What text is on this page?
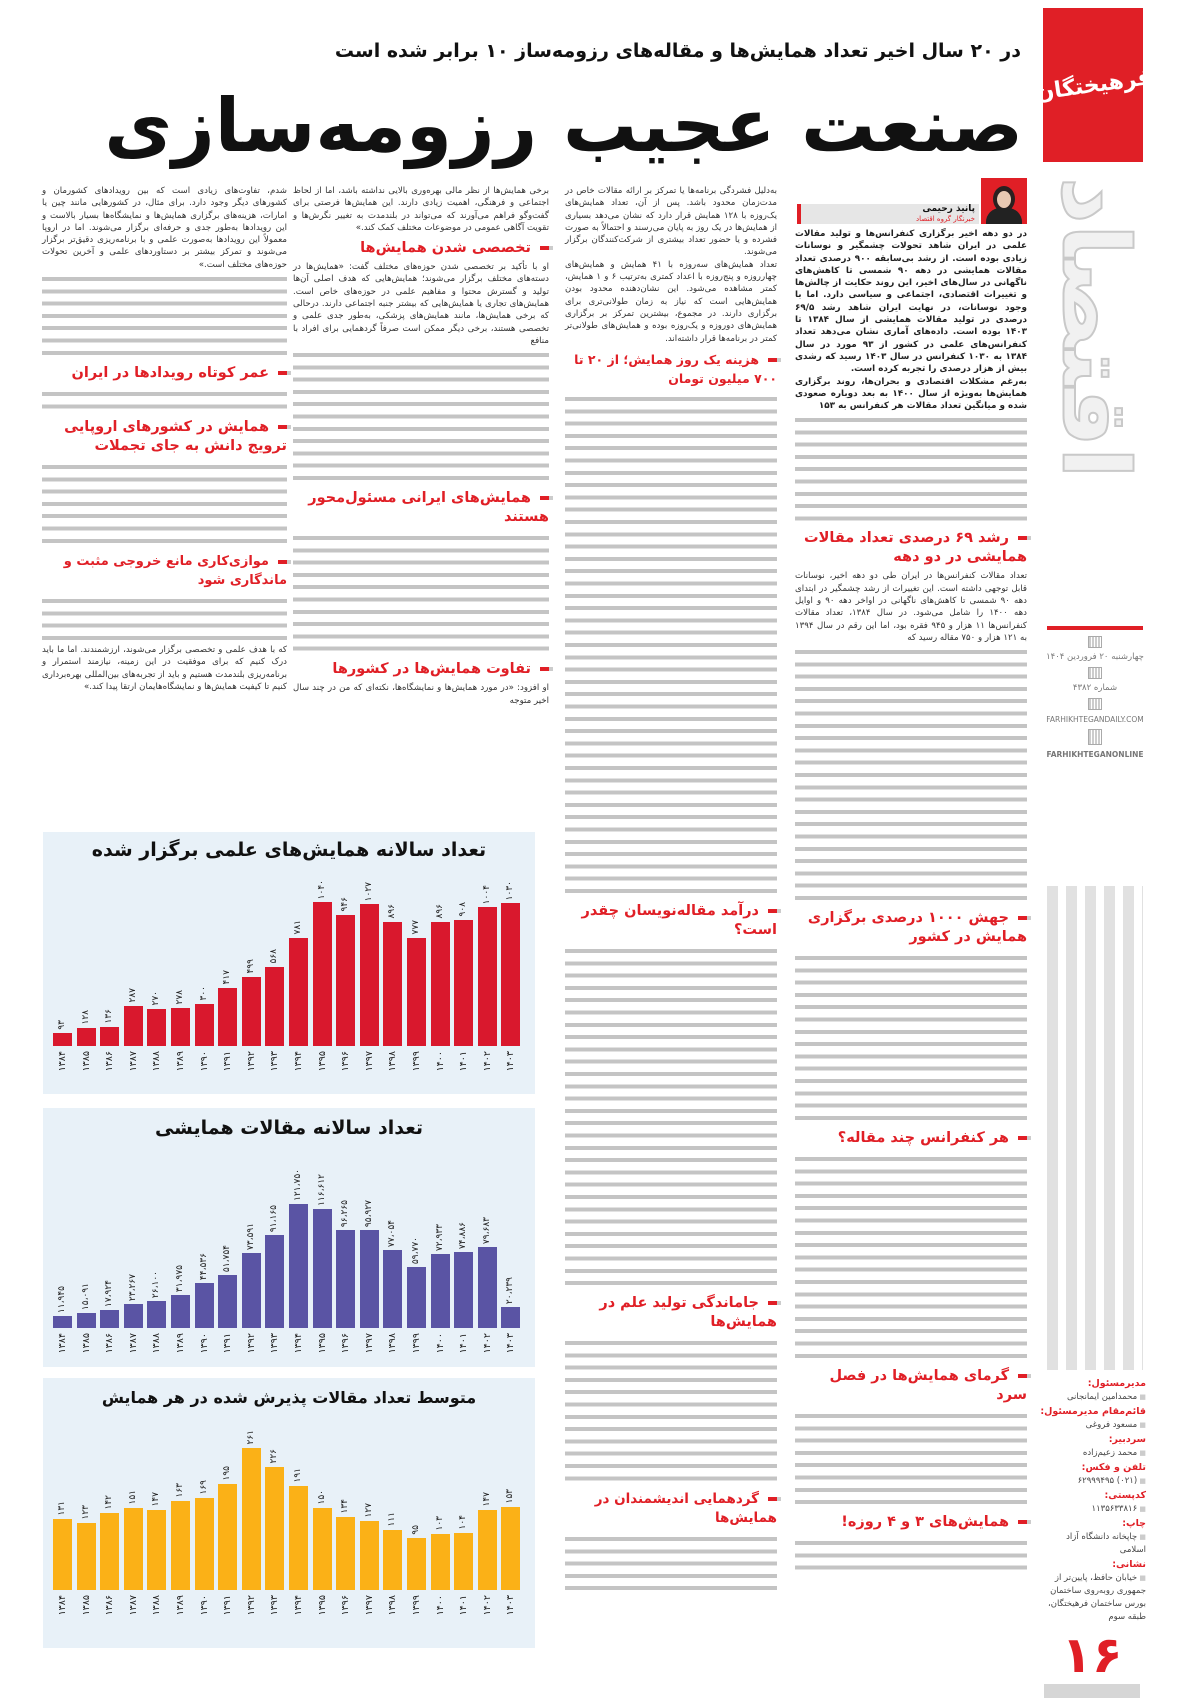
در ۲۰ سال اخیر تعداد همایش‌ها و مقاله‌های رزومه‌ساز ۱۰ برابر شده است
صنعت عجیب رزومه‌سازی فرهیختگان
اقتصاد
چهارشنبه ۲۰ فروردین ۱۴۰۴
شماره ۴۳۸۲
FARHIKHTEGANDAILY.COM
FARHIKHTEGANONLINE
مدیرمسئول:
■ محمدامین ایمانجانی
قائم‌مقام مدیرمسئول:
■ مسعود فروغی
سردبیر:
■ محمد زعیم‌زاده
تلفن و فکس:
■ (۰۲۱) ۶۲۹۹۹۴۹۵
کدپستی:
■ ۱۱۳۵۶۳۳۸۱۶
چاپ:
■ چاپخانه دانشگاه آزاد اسلامی
نشانی:
■ خیابان حافظ، پایین‌تر از جمهوری روبه‌روی ساختمان بورس ساختمان فرهیختگان، طبقه سوم
۱۶
پانیذ رحیمی
خبرنگار گروه اقتصاد
در دو دهه اخیر برگزاری کنفرانس‌ها و تولید مقالات علمی در ایران شاهد تحولات چشمگیر و نوسانات زیادی بوده است. از رشد بی‌سابقه ۹۰۰ درصدی تعداد مقالات همایشی در دهه ۹۰ شمسی تا کاهش‌های ناگهانی در سال‌های اخیر، این روند حکایت از چالش‌ها و تغییرات اقتصادی، اجتماعی و سیاسی دارد. اما با وجود نوسانات، در نهایت ایران شاهد رشد ۶۹/۵ درصدی در تولید مقالات همایشی از سال ۱۳۸۴ تا ۱۴۰۳ بوده است. داده‌های آماری نشان می‌دهد تعداد کنفرانس‌های علمی در کشور از ۹۳ مورد در سال ۱۳۸۴ به ۱۰۳۰ کنفرانس در سال ۱۴۰۳ رسید که رشدی بیش از هزار درصدی را تجربه کرده است.
به‌رغم مشکلات اقتصادی و بحران‌ها، روند برگزاری همایش‌ها به‌ویژه از سال ۱۴۰۰ به بعد دوباره صعودی شده و میانگین تعداد مقالات هر کنفرانس به ۱۵۳
رشد ۶۹ درصدی تعداد مقالات همایشی در دو دهه
تعداد مقالات کنفرانس‌ها در ایران طی دو دهه اخیر، نوسانات قابل توجهی داشته است. این تغییرات از رشد چشمگیر در ابتدای دهه ۹۰ شمسی تا کاهش‌های ناگهانی در اواخر دهه ۹۰ و اوایل دهه ۱۴۰۰ را شامل می‌شود. در سال ۱۳۸۴، تعداد مقالات کنفرانس‌ها ۱۱ هزار و ۹۴۵ فقره بود، اما این رقم در سال ۱۳۹۴ به ۱۲۱ هزار و ۷۵۰ مقاله رسید که
جهش ۱۰۰۰ درصدی برگزاری همایش در کشور
هر کنفرانس چند مقاله؟
گرمای همایش‌ها در فصل سرد
همایش‌های ۳ و ۴ روزه!
به‌دلیل فشردگی برنامه‌ها یا تمرکز بر ارائه مقالات خاص در مدت‌زمان محدود باشد. پس از آن، تعداد همایش‌های یک‌روزه با ۱۲۸ همایش قرار دارد که نشان می‌دهد بسیاری از همایش‌ها در یک روز به پایان می‌رسند و احتمالاً به صورت فشرده و یا حضور تعداد بیشتری از شرکت‌کنندگان برگزار می‌شوند.
تعداد همایش‌های سه‌روزه با ۴۱ همایش و همایش‌های چهارروزه و پنج‌روزه با اعداد کمتری به‌ترتیب ۶ و ۱ همایش، کمتر مشاهده می‌شود. این نشان‌دهنده محدود بودن همایش‌هایی است که نیاز به زمان طولانی‌تری برای برگزاری دارند. در مجموع، بیشترین تمرکز بر برگزاری همایش‌های دوروزه و یک‌روزه بوده و همایش‌های طولانی‌تر کمتر در برنامه‌ها قرار داشته‌اند.
هزینه یک روز همایش؛ از ۲۰ تا ۷۰۰ میلیون تومان
درآمد مقاله‌نویسان چقدر است؟
جاماندگی تولید علم در همایش‌ها
گردهمایی اندیشمندان در همایش‌ها
برخی همایش‌ها از نظر مالی بهره‌وری بالایی نداشته باشد، اما از لحاظ اجتماعی و فرهنگی، اهمیت زیادی دارند. این همایش‌ها فرصتی برای گفت‌وگو فراهم می‌آورند که می‌تواند در بلندمدت به تغییر نگرش‌ها و تقویت آگاهی عمومی در موضوعات مختلف کمک کند.»
تخصصی شدن همایش‌ها
او با تأکید بر تخصصی شدن حوزه‌های مختلف گفت: «همایش‌ها در دسته‌های مختلف برگزار می‌شوند؛ همایش‌هایی که هدف اصلی آن‌ها تولید و گسترش محتوا و مفاهیم علمی در حوزه‌های خاص است. همایش‌های تجاری یا همایش‌هایی که بیشتر جنبه اجتماعی دارند. درحالی که برخی همایش‌ها، مانند همایش‌های پزشکی، به‌طور جدی علمی و تخصصی هستند، برخی دیگر ممکن است صرفاً گردهمایی برای افراد با منافع
همایش‌های ایرانی مسئول‌محور هستند
تفاوت همایش‌ها در کشورها
او افزود: «در مورد همایش‌ها و نمایشگاه‌ها، نکته‌ای که من در چند سال اخیر متوجه
شدم، تفاوت‌های زیادی است که بین رویدادهای کشورمان و کشورهای دیگر وجود دارد. برای مثال، در کشورهایی مانند چین یا امارات، هزینه‌های برگزاری همایش‌ها و نمایشگاه‌ها بسیار بالاست و این رویدادها به‌طور جدی و حرفه‌ای برگزار می‌شوند. اما در اروپا معمولاً این رویدادها به‌صورت علمی و با برنامه‌ریزی دقیق‌تر برگزار می‌شوند و تمرکز بیشتر بر دستاوردهای علمی و آخرین تحولات حوزه‌های مختلف است.»
عمر کوتاه رویدادها در ایران
همایش در کشورهای اروپایی ترویج دانش به جای تجملات
موازی‌کاری مانع خروجی مثبت و ماندگاری شود
که با هدف علمی و تخصصی برگزار می‌شوند، ارزشمندند. اما ما باید درک کنیم که برای موفقیت در این زمینه، نیازمند استمرار و برنامه‌ریزی بلندمدت هستیم و باید از تجربه‌های بین‌المللی بهره‌برداری کنیم تا کیفیت همایش‌ها و نمایشگاه‌هایمان ارتقا پیدا کند.»
تعداد سالانه همایش‌های علمی برگزار شده
۹۳
۱۳۸۴
۱۲۸
۱۳۸۵
۱۳۶
۱۳۸۶
۲۸۷
۱۳۸۷
۲۷۰
۱۳۸۸
۲۷۸
۱۳۸۹
۳۰۰
۱۳۹۰
۴۱۷
۱۳۹۱
۴۹۹
۱۳۹۲
۵۶۸
۱۳۹۳
۷۸۱
۱۳۹۴
۱۰۴۰
۱۳۹۵
۹۴۶
۱۳۹۶
۱۰۲۷
۱۳۹۷
۸۹۶
۱۳۹۸
۷۷۷
۱۳۹۹
۸۹۶
۱۴۰۰
۹۰۸
۱۴۰۱
۱۰۰۴
۱۴۰۲
۱۰۳۰
۱۴۰۳
تعداد سالانه مقالات همایشی
۱۱،۹۴۵
۱۳۸۴
۱۵،۰۹۱
۱۳۸۵
۱۷،۹۲۴
۱۳۸۶
۲۳،۲۶۷
۱۳۸۷
۲۶،۱۰۰
۱۳۸۸
۳۱،۹۷۵
۱۳۸۹
۴۴،۵۳۶
۱۳۹۰
۵۱،۷۵۴
۱۳۹۱
۷۳،۵۹۱
۱۳۹۲
۹۱،۱۶۵
۱۳۹۳
۱۲۱،۷۵۰
۱۳۹۴
۱۱۶،۶۱۲
۱۳۹۵
۹۶،۲۶۵
۱۳۹۶
۹۵،۹۲۷
۱۳۹۷
۷۷،۰۵۴
۱۳۹۸
۵۹،۷۷۰
۱۳۹۹
۷۲،۹۳۳
۱۴۰۰
۷۴،۸۸۶
۱۴۰۱
۷۹،۶۸۳
۱۴۰۲
۲۰،۲۳۹
۱۴۰۳
متوسط تعداد مقالات پذیرش شده در هر همایش
۱۳۱
۱۳۸۴
۱۲۳
۱۳۸۵
۱۴۲
۱۳۸۶
۱۵۱
۱۳۸۷
۱۴۷
۱۳۸۸
۱۶۳
۱۳۸۹
۱۶۹
۱۳۹۰
۱۹۵
۱۳۹۱
۲۶۱
۱۳۹۲
۲۲۶
۱۳۹۳
۱۹۱
۱۳۹۴
۱۵۰
۱۳۹۵
۱۳۴
۱۳۹۶
۱۲۷
۱۳۹۷
۱۱۱
۱۳۹۸
۹۵
۱۳۹۹
۱۰۳
۱۴۰۰
۱۰۴
۱۴۰۱
۱۴۷
۱۴۰۲
۱۵۳
۱۴۰۳
